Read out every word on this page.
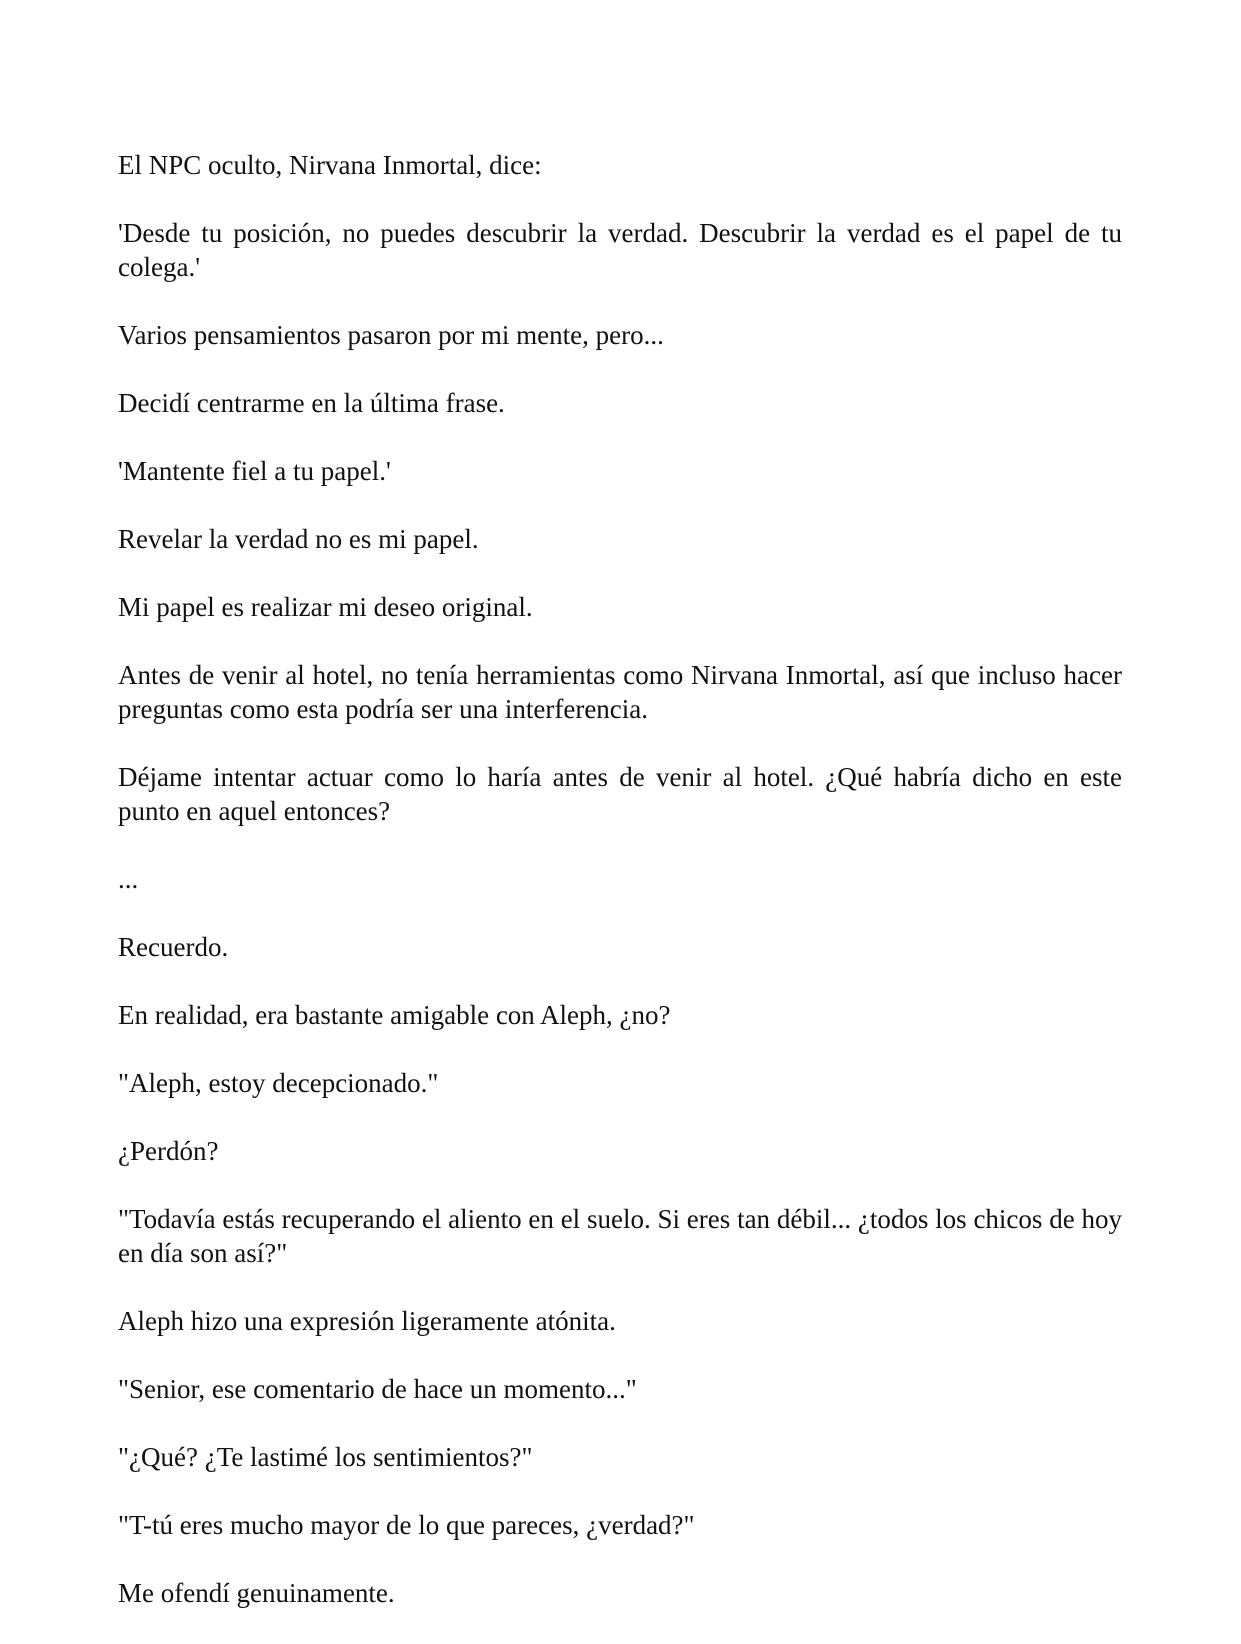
El NPC oculto, Nirvana Inmortal, dice:

'Desde tu posición, no puedes descubrir la verdad. Descubrir la verdad es el papel de tu colega.'

Varios pensamientos pasaron por mi mente, pero...

Decidí centrarme en la última frase.

'Mantente fiel a tu papel.'

Revelar la verdad no es mi papel.

Mi papel es realizar mi deseo original.

Antes de venir al hotel, no tenía herramientas como Nirvana Inmortal, así que incluso hacer preguntas como esta podría ser una interferencia.

Déjame intentar actuar como lo haría antes de venir al hotel. ¿Qué habría dicho en este punto en aquel entonces?

...

Recuerdo.

En realidad, era bastante amigable con Aleph, ¿no?

"Aleph, estoy decepcionado."

¿Perdón?

"Todavía estás recuperando el aliento en el suelo. Si eres tan débil... ¿todos los chicos de hoy en día son así?"

Aleph hizo una expresión ligeramente atónita.

"Senior, ese comentario de hace un momento..."

"¿Qué? ¿Te lastimé los sentimientos?"

"T-tú eres mucho mayor de lo que pareces, ¿verdad?"

Me ofendí genuinamente.
